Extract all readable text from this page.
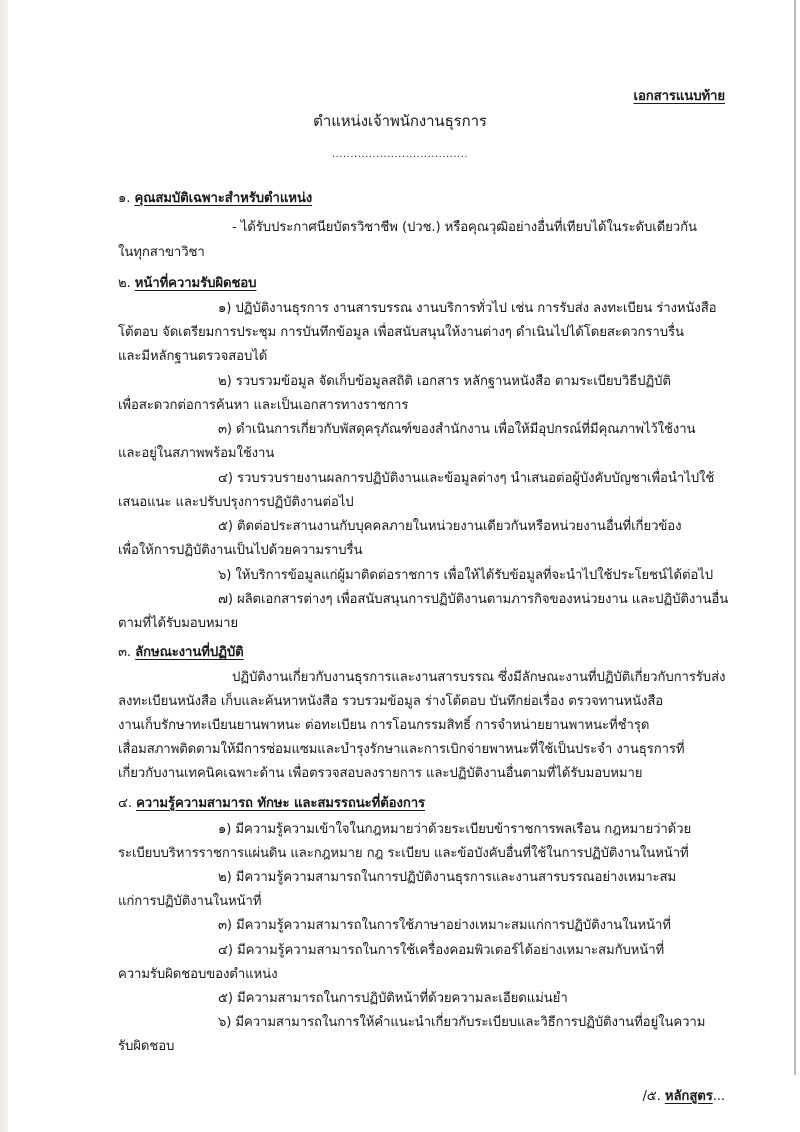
เอกสารแนบท้าย
ตำแหน่งเจ้าพนักงานธุรการ
.....................................
๑. คุณสมบัติเฉพาะสำหรับตำแหน่ง
- ได้รับประกาศนียบัตรวิชาชีพ (ปวช.) หรือคุณวุฒิอย่างอื่นที่เทียบได้ในระดับเดียวกัน
ในทุกสาขาวิชา
๒. หน้าที่ความรับผิดชอบ
๑) ปฏิบัติงานธุรการ งานสารบรรณ งานบริการทั่วไป เช่น การรับส่ง ลงทะเบียน ร่างหนังสือ
โต้ตอบ จัดเตรียมการประชุม การบันทึกข้อมูล เพื่อสนับสนุนให้งานต่างๆ ดำเนินไปได้โดยสะดวกราบรื่น
และมีหลักฐานตรวจสอบได้
๒) รวบรวมข้อมูล จัดเก็บข้อมูลสถิติ เอกสาร หลักฐานหนังสือ ตามระเบียบวิธีปฏิบัติ
เพื่อสะดวกต่อการค้นหา และเป็นเอกสารทางราชการ
๓) ดำเนินการเกี่ยวกับพัสดุครุภัณฑ์ของสำนักงาน เพื่อให้มีอุปกรณ์ที่มีคุณภาพไว้ใช้งาน
และอยู่ในสภาพพร้อมใช้งาน
๔) รวบรวบรายงานผลการปฏิบัติงานและข้อมูลต่างๆ นำเสนอต่อผู้บังคับบัญชาเพื่อนำไปใช้
เสนอแนะ และปรับปรุงการปฏิบัติงานต่อไป
๕) ติดต่อประสานงานกับบุคคลภายในหน่วยงานเดียวกันหรือหน่วยงานอื่นที่เกี่ยวข้อง
เพื่อให้การปฏิบัติงานเป็นไปด้วยความราบรื่น
๖) ให้บริการข้อมูลแก่ผู้มาติดต่อราชการ เพื่อให้ได้รับข้อมูลที่จะนำไปใช้ประโยชน์ได้ต่อไป
๗) ผลิตเอกสารต่างๆ เพื่อสนับสนุนการปฏิบัติงานตามภารกิจของหน่วยงาน และปฏิบัติงานอื่น
ตามที่ได้รับมอบหมาย
๓. ลักษณะงานที่ปฏิบัติ
ปฏิบัติงานเกี่ยวกับงานธุรการและงานสารบรรณ ซึ่งมีลักษณะงานที่ปฏิบัติเกี่ยวกับการรับส่ง
ลงทะเบียนหนังสือ เก็บและค้นหาหนังสือ รวบรวมข้อมูล ร่างโต้ตอบ บันทึกย่อเรื่อง ตรวจทานหนังสือ
งานเก็บรักษาทะเบียนยานพาหนะ ต่อทะเบียน การโอนกรรมสิทธิ์ การจำหน่ายยานพาหนะที่ชำรุด
เสื่อมสภาพติดตามให้มีการซ่อมแซมและบำรุงรักษาและการเบิกจ่ายพาหนะที่ใช้เป็นประจำ งานธุรการที่
เกี่ยวกับงานเทคนิคเฉพาะด้าน เพื่อตรวจสอบลงรายการ และปฏิบัติงานอื่นตามที่ได้รับมอบหมาย
๔. ความรู้ความสามารถ ทักษะ และสมรรถนะที่ต้องการ
๑) มีความรู้ความเข้าใจในกฎหมายว่าด้วยระเบียบข้าราชการพลเรือน กฎหมายว่าด้วย
ระเบียบบริหารราชการแผ่นดิน และกฎหมาย กฎ ระเบียบ และข้อบังคับอื่นที่ใช้ในการปฏิบัติงานในหน้าที่
๒) มีความรู้ความสามารถในการปฏิบัติงานธุรการและงานสารบรรณอย่างเหมาะสม
แก่การปฏิบัติงานในหน้าที่
๓) มีความรู้ความสามารถในการใช้ภาษาอย่างเหมาะสมแก่การปฏิบัติงานในหน้าที่
๔) มีความรู้ความสามารถในการใช้เครื่องคอมพิวเตอร์ได้อย่างเหมาะสมกับหน้าที่
ความรับผิดชอบของตำแหน่ง
๕) มีความสามารถในการปฏิบัติหน้าที่ด้วยความละเอียดแม่นยำ
๖) มีความสามารถในการให้คำแนะนำเกี่ยวกับระเบียบและวิธีการปฏิบัติงานที่อยู่ในความ
รับผิดชอบ
/๕. หลักสูตร...
